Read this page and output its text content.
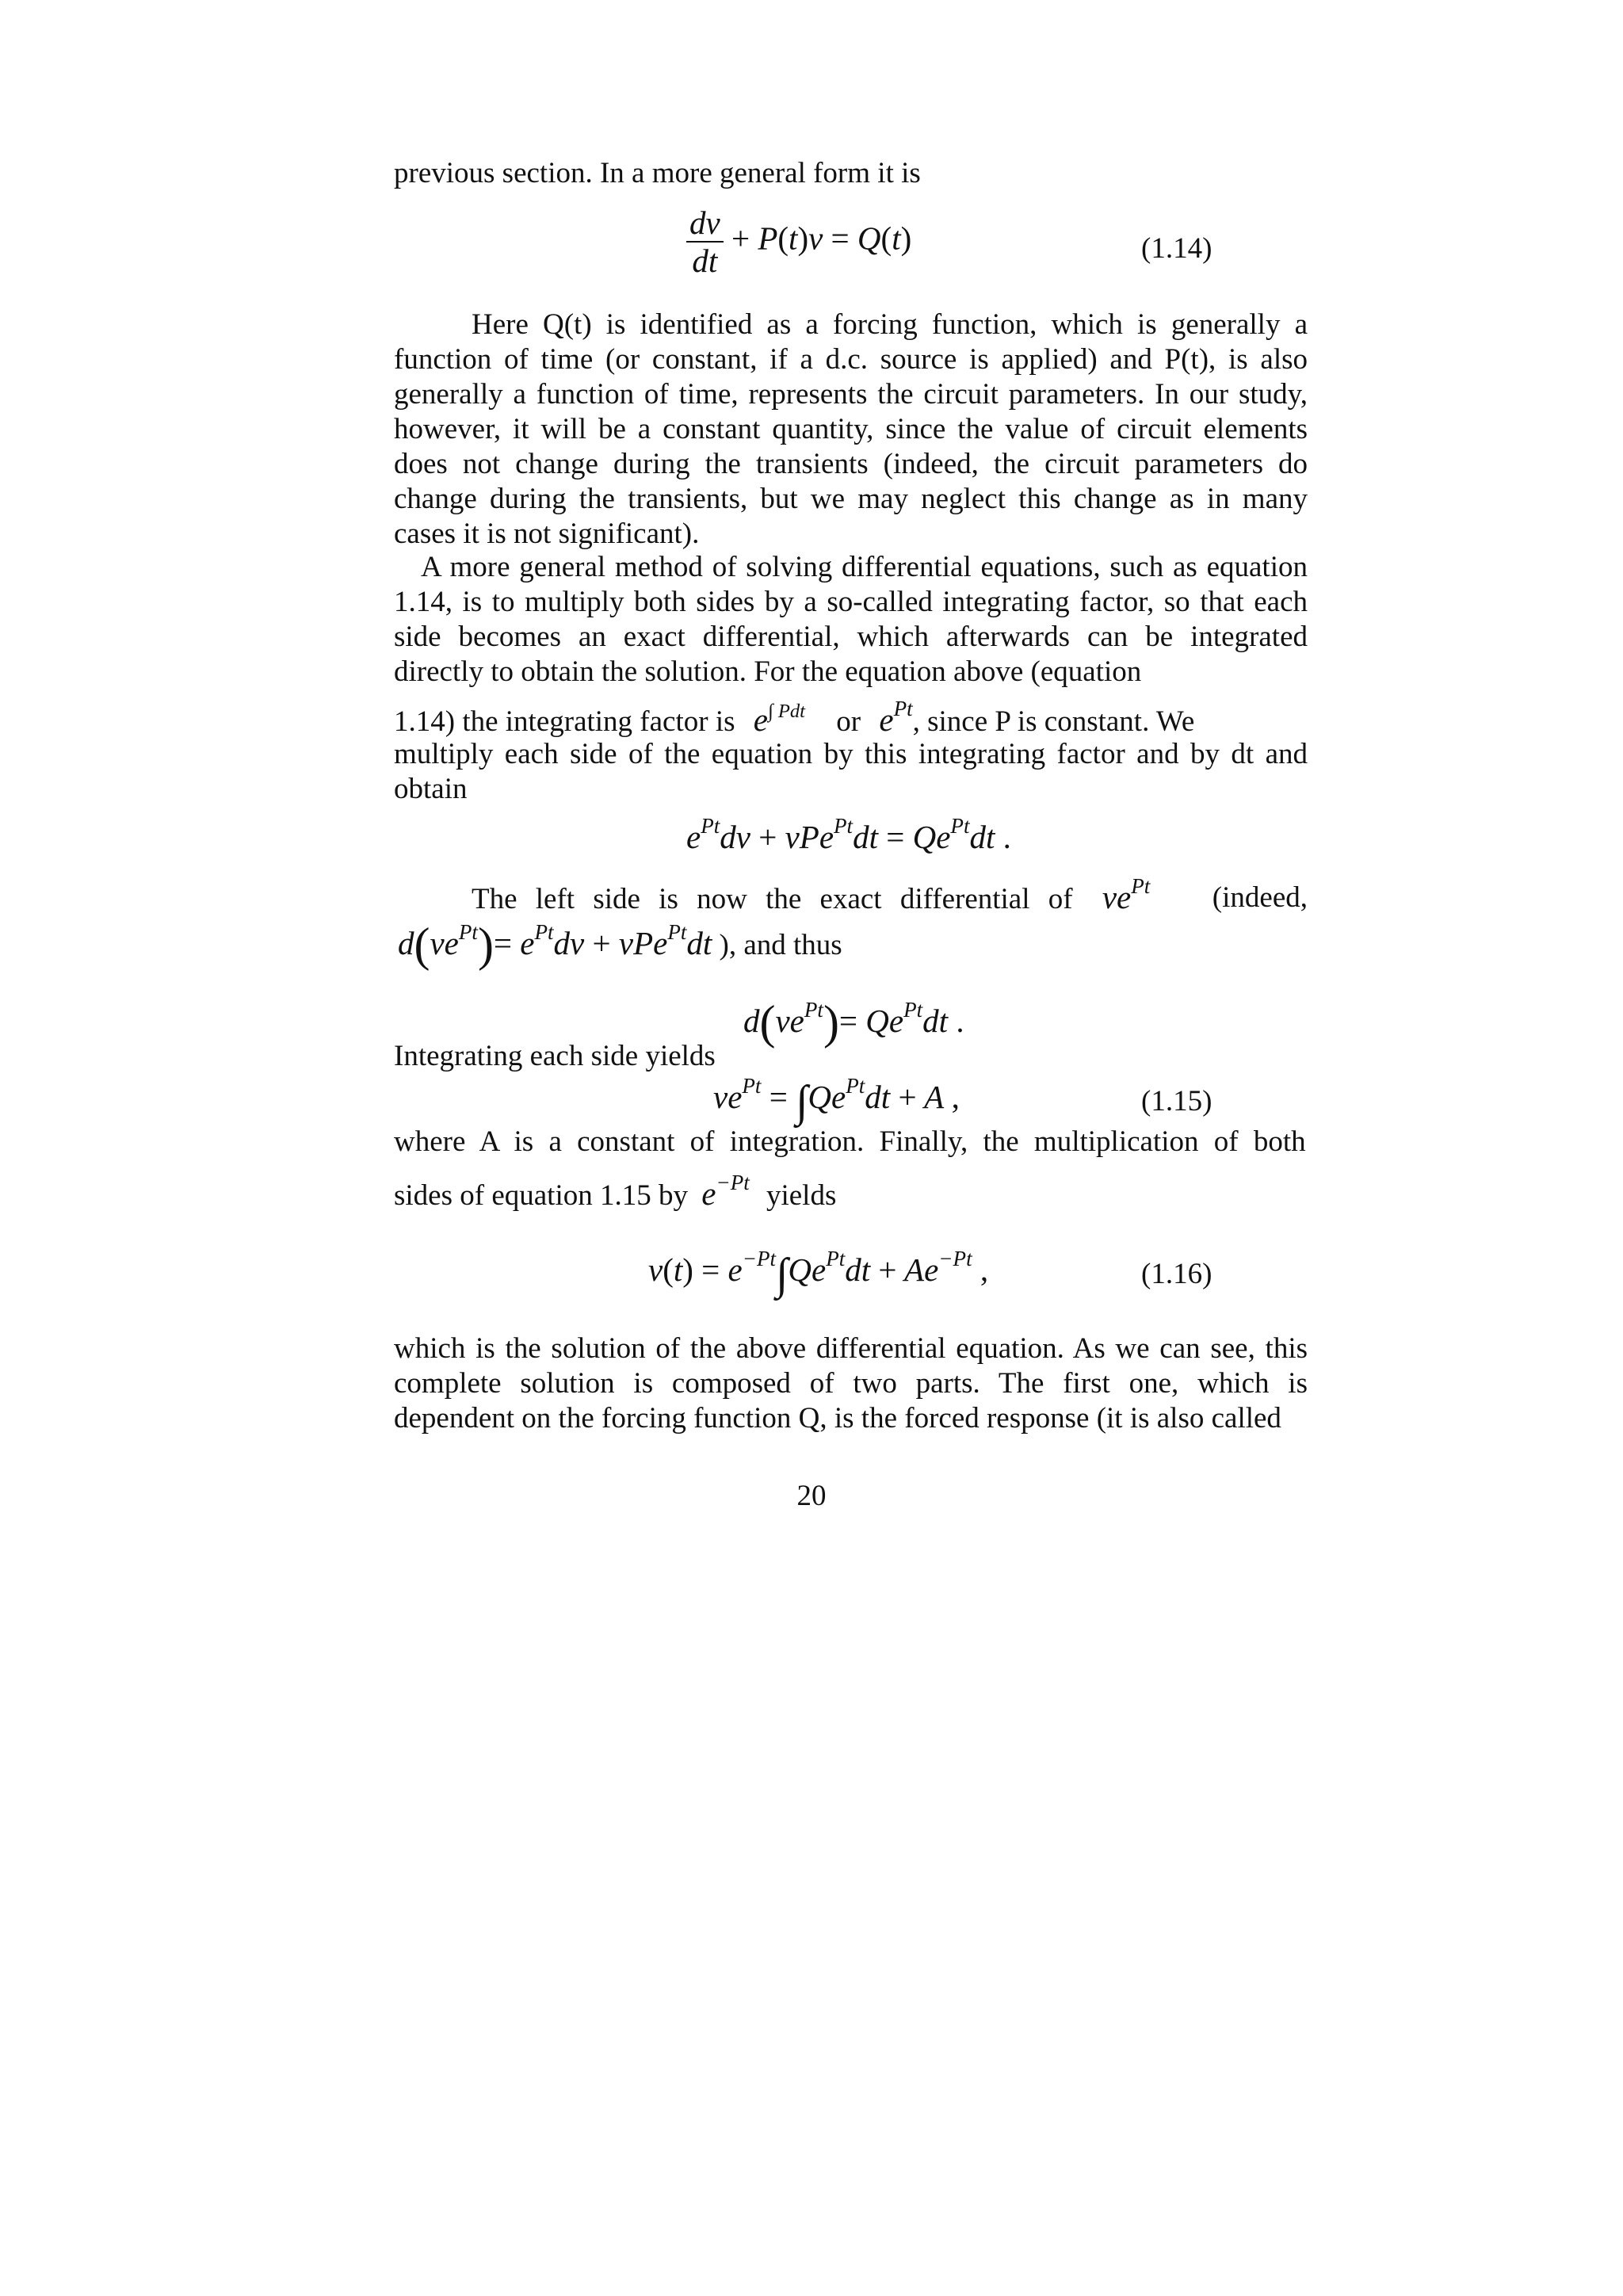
previous section. In a more general form it is
$\frac{dv}{dt} + P(t)v = Q(t)$	(1.14)

Here Q(t) is identified as a forcing function, which is generally a function of time (or constant, if a d.c. source is applied) and P(t), is also generally a function of time, represents the circuit parameters. In our study, however, it will be a constant quantity, since the value of circuit elements does not change during the transients (indeed, the circuit parameters do change during the transients, but we may neglect this change as in many cases it is not significant).

A more general method of solving differential equations, such as equation 1.14, is to multiply both sides by a so-called integrating factor, so that each side becomes an exact differential, which afterwards can be integrated directly to obtain the solution. For the equation above (equation

1.14) the integrating factor is $e^{\int Pdt}$ or $e^{Pt}$, since P is constant. We

multiply each side of the equation by this integrating factor and by dt and obtain

$e^{Pt}dv + vPe^{Pt}dt = Qe^{Pt}dt$ .
The left side is now the exact differential of $ve^{Pt}$ (indeed,
$d(ve^{Pt})= e^{Pt}dv + vPe^{Pt}dt$ ), and thus
$d(ve^{Pt})= Qe^{Pt}dt$ .
Integrating each side yields
$ve^{Pt} = \int Qe^{Pt}dt + A$ ,	(1.15)
where A is a constant of integration. Finally, the multiplication of both
sides of equation 1.15 by $e^{-Pt}$ yields
$v(t) = e^{-Pt}\int Qe^{Pt}dt + Ae^{-Pt}$ ,	(1.16)

which is the solution of the above differential equation. As we can see, this complete solution is composed of two parts. The first one, which is dependent on the forcing function Q, is the forced response (it is also called

20
